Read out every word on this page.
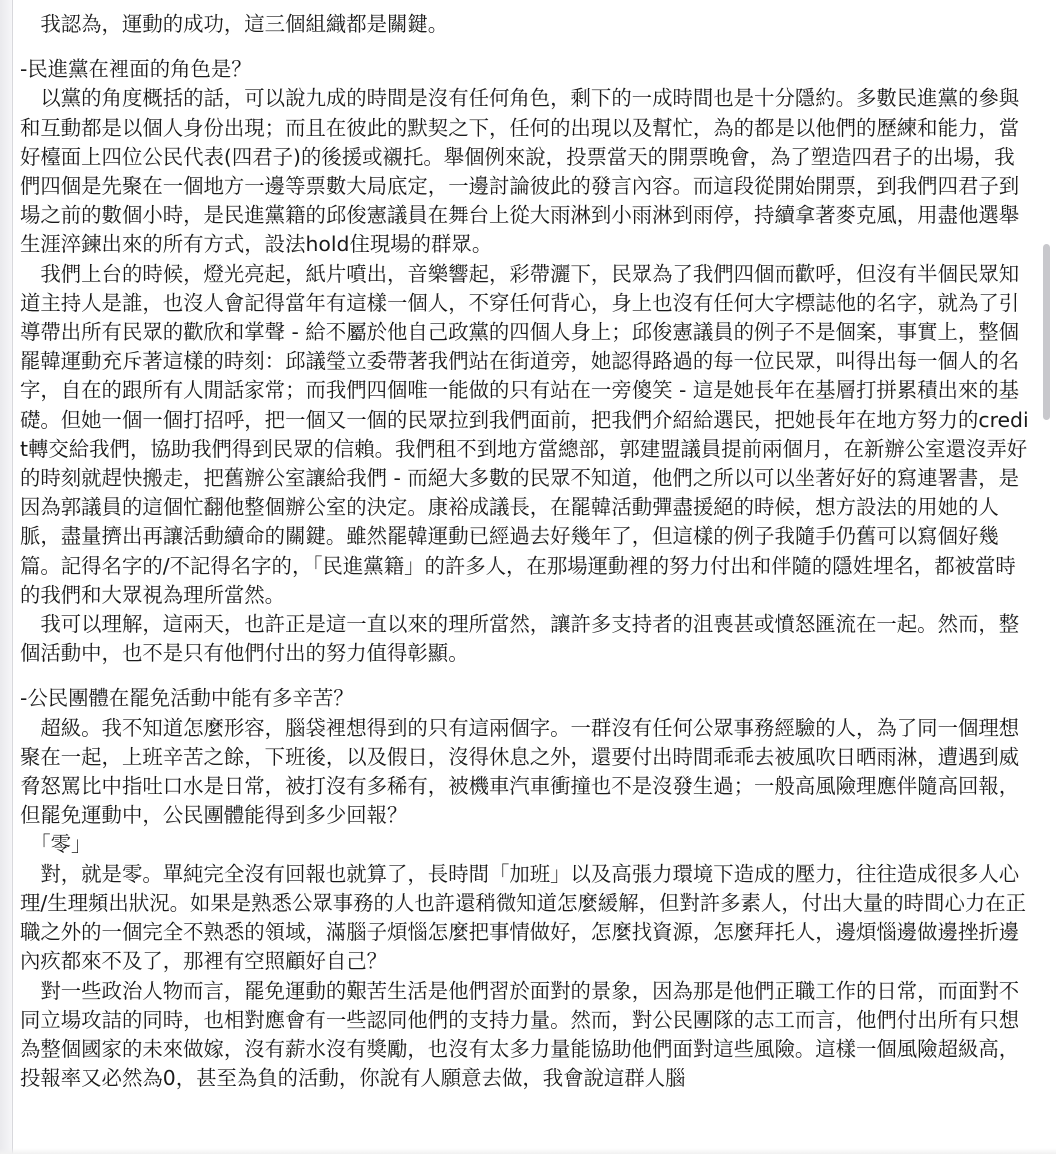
　我認為，運動的成功，這三個組織都是關鍵。

-民進黨在裡面的角色是？

　以黨的角度概括的話，可以說九成的時間是沒有任何角色，剩下的一成時間也是十分隱約。多數民進黨的參與和互動都是以個人身份出現；而且在彼此的默契之下，任何的出現以及幫忙，為的都是以他們的歷練和能力，當好檯面上四位公民代表(四君子)的後援或襯托。舉個例來說，投票當天的開票晚會，為了塑造四君子的出場，我們四個是先聚在一個地方一邊等票數大局底定，一邊討論彼此的發言內容。而這段從開始開票，到我們四君子到場之前的數個小時，是民進黨籍的邱俊憲議員在舞台上從大雨淋到小雨淋到雨停，持續拿著麥克風，用盡他選舉生涯淬鍊出來的所有方式，設法hold住現場的群眾。

　我們上台的時候，燈光亮起，紙片噴出，音樂響起，彩帶灑下，民眾為了我們四個而歡呼，但沒有半個民眾知道主持人是誰，也沒人會記得當年有這樣一個人，不穿任何背心，身上也沒有任何大字標誌他的名字，就為了引導帶出所有民眾的歡欣和掌聲 - 給不屬於他自己政黨的四個人身上；邱俊憲議員的例子不是個案，事實上，整個罷韓運動充斥著這樣的時刻：邱議瑩立委帶著我們站在街道旁，她認得路過的每一位民眾，叫得出每一個人的名字，自在的跟所有人閒話家常；而我們四個唯一能做的只有站在一旁傻笑 - 這是她長年在基層打拼累積出來的基礎。但她一個一個打招呼，把一個又一個的民眾拉到我們面前，把我們介紹給選民，把她長年在地方努力的credit轉交給我們，協助我們得到民眾的信賴。我們租不到地方當總部，郭建盟議員提前兩個月，在新辦公室還沒弄好的時刻就趕快搬走，把舊辦公室讓給我們 - 而絕大多數的民眾不知道，他們之所以可以坐著好好的寫連署書，是因為郭議員的這個忙翻他整個辦公室的決定。康裕成議長，在罷韓活動彈盡援絕的時候，想方設法的用她的人脈，盡量擠出再讓活動續命的關鍵。雖然罷韓運動已經過去好幾年了，但這樣的例子我隨手仍舊可以寫個好幾篇。記得名字的/不記得名字的，「民進黨籍」的許多人，在那場運動裡的努力付出和伴隨的隱姓埋名，都被當時的我們和大眾視為理所當然。

　我可以理解，這兩天，也許正是這一直以來的理所當然，讓許多支持者的沮喪甚或憤怒匯流在一起。然而，整個活動中，也不是只有他們付出的努力值得彰顯。

-公民團體在罷免活動中能有多辛苦？

　超級。我不知道怎麼形容，腦袋裡想得到的只有這兩個字。一群沒有任何公眾事務經驗的人，為了同一個理想聚在一起，上班辛苦之餘，下班後，以及假日，沒得休息之外，還要付出時間乖乖去被風吹日晒雨淋，遭遇到威脅怒罵比中指吐口水是日常，被打沒有多稀有，被機車汽車衝撞也不是沒發生過；一般高風險理應伴隨高回報，但罷免運動中，公民團體能得到多少回報？

　「零」

　對，就是零。單純完全沒有回報也就算了，長時間「加班」以及高張力環境下造成的壓力，往往造成很多人心理/生理頻出狀況。如果是熟悉公眾事務的人也許還稍微知道怎麼緩解，但對許多素人，付出大量的時間心力在正職之外的一個完全不熟悉的領域，滿腦子煩惱怎麼把事情做好，怎麼找資源，怎麼拜托人，邊煩惱邊做邊挫折邊內疚都來不及了，那裡有空照顧好自己？

　對一些政治人物而言，罷免運動的艱苦生活是他們習於面對的景象，因為那是他們正職工作的日常，而面對不同立場攻詰的同時，也相對應會有一些認同他們的支持力量。然而，對公民團隊的志工而言，他們付出所有只想為整個國家的未來做嫁，沒有薪水沒有獎勵，也沒有太多力量能協助他們面對這些風險。這樣一個風險超級高，投報率又必然為0，甚至為負的活動，你說有人願意去做，我會說這群人腦
